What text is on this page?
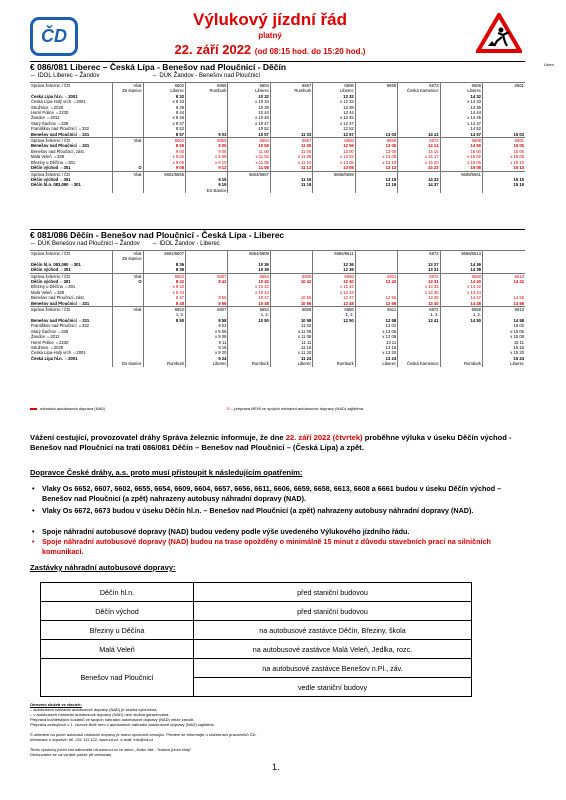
ČD
Výlukový jízdní řád
platný
22. září 2022 (od 08:15 hod. do 15:20 hod.)
Liben
€ 086/081 Liberec – Česká Lípa - Benešov nad Ploučnicí - Děčín
⇔ IDOL Liberec – Žandov	⇔ DÚK Žandov - Benešov nad Ploučnicí
Správa železnic / ČD	Vlak	6602	6655	6604	6657	6606	6659	6673	6608	6661

	Ze stanice	Liberec	Rumburk	Liberec	Rumburk	Liberec		Česká Kamenice	Liberec	
Česká Lípa hl.n. ⇔2001		8 32		10 32		12 32			14 32	
Česká Lípa-Holý vrch ⇔2001		x 8 33		x 10 33		x 12 33			x 14 33	
Stružnice ⇔2029		8 39		10 39		12 39			14 39	
Horní Police ⇔2230		8 44		10 44		12 44			14 44	
Žandov ⇔2012		x 8 45		x 10 45		x 12 45			x 14 45	
Starý Šachov ⇔335		x 8 47		x 10 47		x 12 47			x 14 47	
Františkov nad Ploučnicí ⇔332		8 52		10 52		12 52			14 52	
Benešov nad Ploučnicí ⇔331		8 57	9 03	10 57	11 03	12 57	13 03	14 12	14 57	15 03
Správa železnic / ČD	Vlak	6602	6655	6604	6657	6606	6659	6673	6608	6661

Benešov nad Ploučnicí ⇔331		8 59	9 05	10 59	11 05	12 59	13 05	14 14	14 59	15 05
Benešov nad Ploučnicí, zást.		9 00	9 06	11 00	11 06	13 00	13 06	14 15	15 00	15 06
Malá Veleň ⇔339		x 9 02	x 9 08	x 11 02	x 11 08	x 13 02	x 13 08	x 14 17	x 15 02	x 15 08
Březiny u Děčína ⇔301		x 9 05	x 9 10	x 11 05	x 11 10	x 13 05	x 13 10	x 14 20	x 15 05	x 15 10
Děčín východ ⇔301	O	9 08	9 13	11 08	11 13	13 08	13 13	14 23	15 08	15 13
Správa železnic / ČD	Vlak	6602/6655		6604/6657		6606/6659			6608/6661	

Děčín východ ⇔301			9 15		11 15		13 15	14 33		15 15
Děčín hl.n. 083,090 ⇔301			9 19		11 19		13 19	14 37		15 19
			Do stanice							
€ 081/086 Děčín - Benešov nad Ploučnicí - Česká Lípa - Liberec
⇔ DÚK Benešov nad Ploučnicí – Žandov ⇔ IDOL Žandov - Liberec
Správa železnic / ČD	Vlak	6652/6607		6654/6609		6656/6611		6672	6658/6613	

	Ze stanice									
Děčín hl.n. 083,090 ⇔301		8 36		10 36		12 36		13 27	14 36	
Děčín východ ⇔301		8 39		10 39		12 39		13 31	14 39	
Správa železnic / ČD	Vlak	6652	6607	6654	6609	6656	6611	6672	6658	6613

Děčín východ ⇔301	O	8 42	8 42	10 40	10 42	12 40	12 42	13 31	14 40	14 42
Březiny u Děčína ⇔301		x 8 42		x 10 42		x 12 42		x 13 33	x 14 42	
Malá Veleň ⇔339		x 8 44		x 10 44		x 12 44		x 13 35	x 14 44	
Benešov nad Ploučnicí, zást.		8 47	8 55	10 47	10 55	12 47	12 55	13 39	14 47	14 55
Benešov nad Ploučnicí ⇔331		8 48	8 56	10 48	10 56	12 48	12 56	13 40	14 48	14 56
Správa železnic / ČD	Vlak	6652	6607	6654	6609	6656	6611	6672	6658	6613
		1, 2.		1, 2.		1, 2.		1, 2.	1, 2.	
Benešov nad Ploučnicí ⇔331		8 50	8 58	10 50	10 58	12 50	12 58	13 41	14 50	14 58
Františkov nad Ploučnicí ⇔332			9 02		11 02		13 02			15 02
Starý Šachov ⇔335			x 9 06		x 11 06		x 13 06			x 15 06
Žandov ⇔2012			x 9 08		x 11 08		x 13 08			x 15 08
Horní Police ⇔2230			9 11		11 11		13 11			15 11
Stružnice ⇔2029			9 16		11 16		13 16			15 16
Česká Lípa-Holý vrch ⇔2001			x 9 20		x 11 20		x 13 20			x 15 20
Česká Lípa hl.n. ⇔2001			9 24		11 24		13 24			15 24
	Do stanice	Rumburk	Liberec	Rumburk	Liberec	Rumburk	Liberec	Česká Kamenice	Rumburk	Liberec
náhradní autobusová doprava (NAD)	⊘ – přeprava NENÍ ve spojích náhradní autobusové dopravy (NAD) zajištěna
Vážení cestující, provozovatel dráhy Správa železnic informuje, že dne 22. září 2022 (čtvrtek) proběhne výluka v úseku Děčín východ - Benešov nad Ploučnicí na trati 086/081 Děčín – Benešov nad Ploučnicí – (Česká Lípa) a zpět.
Dopravce České dráhy, a.s. proto musí přistoupit k následujícím opatřením:
• Vlaky Os 6652, 6607, 6602, 6655, 6654, 6609, 6604, 6657, 6656, 6611, 6606, 6659, 6658, 6613, 6608 a 6661 budou v úseku Děčín východ – Benešov nad Ploučnicí (a zpět) nahrazeny autobusy náhradní dopravy (NAD).
• Vlaky Os 6672, 6673 budou v úseku Děčín hl.n. – Benešov nad Ploučnicí (a zpět) nahrazeny autobusy náhradní dopravy (NAD).
• Spoje náhradní autobusové dopravy (NAD) budou vedeny podle výše uvedeného Výlukového jízdního řádu.
• Spoje náhradní autobusové dopravy (NAD) budou na trase opožděny o minimálně 15 minut z důvodu stavebních prací na silničních komunikaci.
Zastávky náhradní autobusové dopravy:
Děčín hl.n.	před staniční budovou
Děčín východ	před staniční budovou
Březiny u Děčína	na autobusové zastávce Děčín, Březiny, škola
Malá Veleň	na autobusové zastávce Malá Veleň, Jedlka, rozc.
Benešov nad Ploučnicí	na autobusové zastávce Benešov n.Pl., záv.
	vedle staniční budovy
Omezení služeb ve vlacích:
– autobusech náhradní autobusové dopravy (NAD) je služba vyloučena.
– v autobusech náhradní autobusové dopravy (NAD) není služba garantována.
Přeprava kol/dětských kočárků ve spojích náhradní autobusové dopravy (NAD) nelze zaručit.
Přeprava cestujících v 1. vozové třídě není v autobusech náhradní autobusové dopravy (NAD) zajištěna.

S ohledem na počet autobusů náhradní dopravy je nutno upozornit cestující. Předem se informujte u služebních pracovníků ČD.
Informace o dopravě: tel. 221 111 122, www.cd.cz, e-mail: info@cd.cz

Tento výlukový jízdní řád naleznete na www.cd.cz ve sekci „Jízdní řád - Tratové jízdní řády“
Omlouváme se za vzniklé potíže při cestování.
1.
